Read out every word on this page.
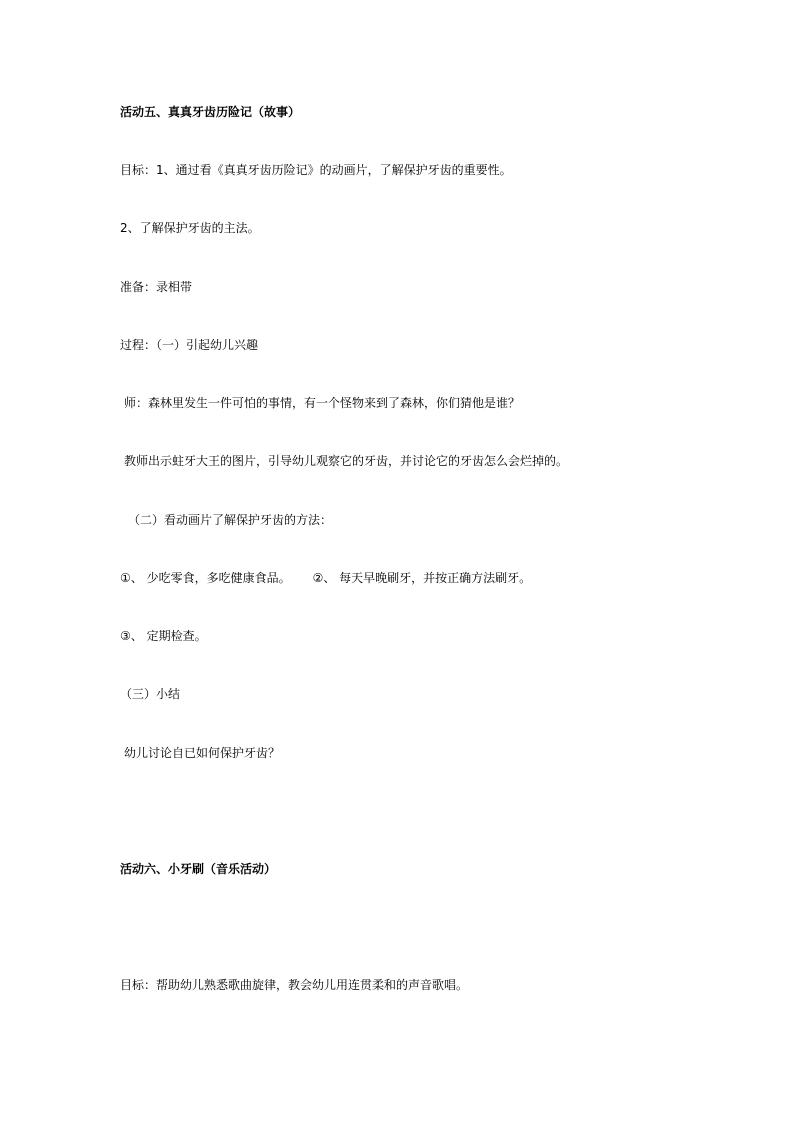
活动五、真真牙齿历险记（故事）
目标：1、通过看《真真牙齿历险记》的动画片，了解保护牙齿的重要性。
2、了解保护牙齿的主法。
准备：录相带
过程：（一）引起幼儿兴趣
师：森林里发生一件可怕的事情，有一个怪物来到了森林，你们猜他是谁？
教师出示蛀牙大王的图片，引导幼儿观察它的牙齿，并讨论它的牙齿怎么会烂掉的。
（二）看动画片了解保护牙齿的方法：
①、 少吃零食，多吃健康食品。 ②、 每天早晚刷牙，并按正确方法刷牙。
③、 定期检查。
（三）小结
幼儿讨论自已如何保护牙齿？
活动六、小牙刷（音乐活动）
目标：帮助幼儿熟悉歌曲旋律，教会幼儿用连贯柔和的声音歌唱。
